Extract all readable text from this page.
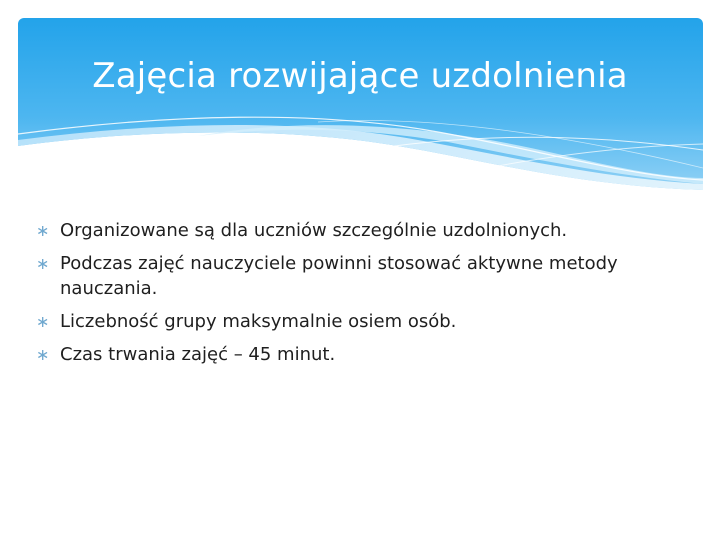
Zajęcia rozwijające uzdolnienia
∗ Organizowane są dla uczniów szczególnie uzdolnionych.
∗ Podczas zajęć nauczyciele powinni stosować aktywne metody nauczania.
∗ Liczebność grupy maksymalnie osiem osób.
∗ Czas trwania zajęć – 45 minut.
